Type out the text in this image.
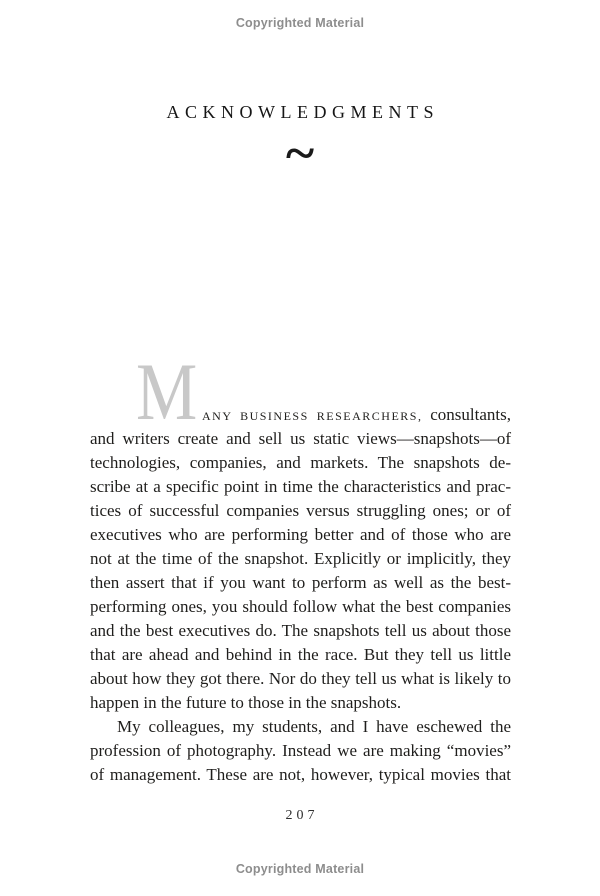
Copyrighted Material
ACKNOWLEDGMENTS
~
M ANY BUSINESS RESEARCHERS, consultants,
and writers create and sell us static views—snapshots—of
technologies, companies, and markets. The snapshots de-
scribe at a specific point in time the characteristics and prac-
tices of successful companies versus struggling ones; or of
executives who are performing better and of those who are
not at the time of the snapshot. Explicitly or implicitly, they
then assert that if you want to perform as well as the best-
performing ones, you should follow what the best companies
and the best executives do. The snapshots tell us about those
that are ahead and behind in the race. But they tell us little
about how they got there. Nor do they tell us what is likely to
happen in the future to those in the snapshots.
My colleagues, my students, and I have eschewed the
profession of photography. Instead we are making “movies”
of management. These are not, however, typical movies that
207
Copyrighted Material
